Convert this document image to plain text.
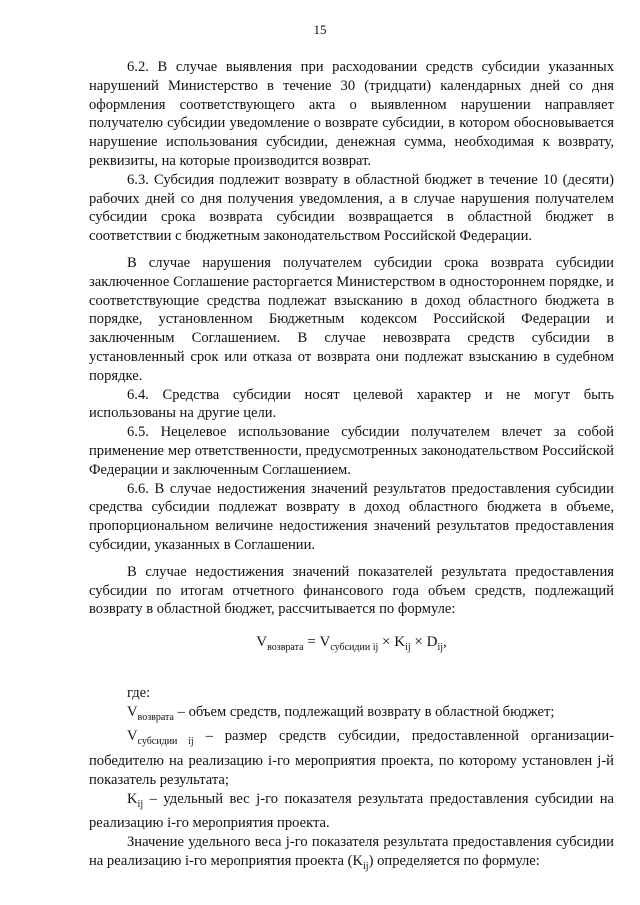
15

6.2. В случае выявления при расходовании средств субсидии указанных нарушений Министерство в течение 30 (тридцати) календарных дней со дня оформления соответствующего акта о выявленном нарушении направляет получателю субсидии уведомление о возврате субсидии, в котором обосновывается нарушение использования субсидии, денежная сумма, необходимая к возврату, реквизиты, на которые производится возврат.

6.3. Субсидия подлежит возврату в областной бюджет в течение 10 (десяти) рабочих дней со дня получения уведомления, а в случае нарушения получателем субсидии срока возврата субсидии возвращается в областной бюджет в соответствии с бюджетным законодательством Российской Федерации.

В случае нарушения получателем субсидии срока возврата субсидии заключенное Соглашение расторгается Министерством в одностороннем порядке, и соответствующие средства подлежат взысканию в доход областного бюджета в порядке, установленном Бюджетным кодексом Российской Федерации и заключенным Соглашением. В случае невозврата средств субсидии в установленный срок или отказа от возврата они подлежат взысканию в судебном порядке.

6.4. Средства субсидии носят целевой характер и не могут быть использованы на другие цели.

6.5. Нецелевое использование субсидии получателем влечет за собой применение мер ответственности, предусмотренных законодательством Российской Федерации и заключенным Соглашением.

6.6. В случае недостижения значений результатов предоставления субсидии средства субсидии подлежат возврату в доход областного бюджета в объеме, пропорциональном величине недостижения значений результатов предоставления субсидии, указанных в Соглашении.

В случае недостижения значений показателей результата предоставления субсидии по итогам отчетного финансового года объем средств, подлежащий возврату в областной бюджет, рассчитывается по формуле:

$V_{возврата} = V_{субсидии ij} \times K_{ij} \times D_{ij}$,

где:

$V_{возврата}$ – объем средств, подлежащий возврату в областной бюджет;

$V_{субсидии ij}$ – размер средств субсидии, предоставленной организации-победителю на реализацию i-го мероприятия проекта, по которому установлен j-й показатель результата;

$K_{ij}$ – удельный вес j-го показателя результата предоставления субсидии на реализацию i-го мероприятия проекта.

Значение удельного веса j-го показателя результата предоставления субсидии на реализацию i-го мероприятия проекта $(K_{ij})$ определяется по формуле:
